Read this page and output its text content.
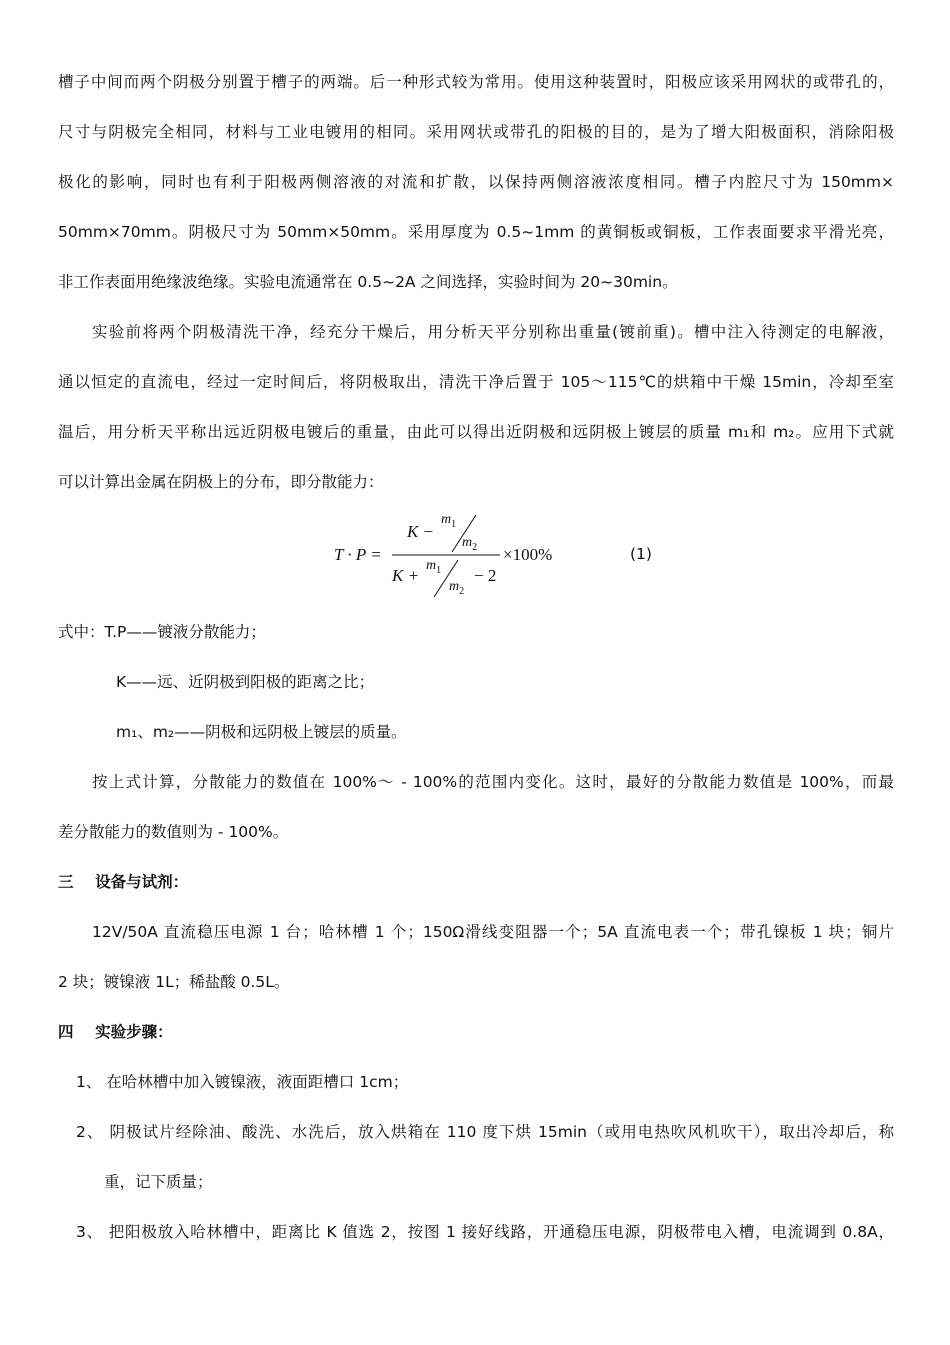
槽子中间而两个阴极分别置于槽子的两端。后一种形式较为常用。使用这种装置时，阳极应该采用网状的或带孔的，
尺寸与阴极完全相同，材料与工业电镀用的相同。采用网状或带孔的阳极的目的，是为了增大阳极面积，消除阳极
极化的影响，同时也有利于阳极两侧溶液的对流和扩散，以保持两侧溶液浓度相同。槽子内腔尺寸为 150mm×
50mm×70mm。阴极尺寸为 50mm×50mm。采用厚度为 0.5~1mm 的黄铜板或铜板，工作表面要求平滑光亮，
非工作表面用绝缘波绝缘。实验电流通常在 0.5~2A 之间选择，实验时间为 20~30min。
实验前将两个阴极清洗干净，经充分干燥后，用分析天平分别称出重量(镀前重)。槽中注入待测定的电解液，
通以恒定的直流电，经过一定时间后，将阴极取出，清洗干净后置于 105～115℃的烘箱中干燥 15min，冷却至室
温后，用分析天平称出远近阴极电镀后的重量，由此可以得出近阴极和远阴极上镀层的质量 m₁和 m₂。应用下式就
可以计算出金属在阴极上的分布，即分散能力：
T · P =
K −
$m_1$
$m_2$
K +
$m_1$
$m_2$
− 2
×100%	(1)
式中：T.P——镀液分散能力；
K——远、近阴极到阳极的距离之比；
m₁、m₂——阴极和远阴极上镀层的质量。
按上式计算，分散能力的数值在 100%～ - 100%的范围内变化。这时，最好的分散能力数值是 100%，而最
差分散能力的数值则为 - 100%。
三    设备与试剂：
12V/50A 直流稳压电源 1 台；哈林槽 1 个；150Ω滑线变阻器一个；5A 直流电表一个；带孔镍板 1 块；铜片
2 块；镀镍液 1L；稀盐酸 0.5L。
四    实验步骤：
1、 在哈林槽中加入镀镍液，液面距槽口 1cm；
2、 阴极试片经除油、酸洗、水洗后，放入烘箱在 110 度下烘 15min（或用电热吹风机吹干），取出冷却后，称
重，记下质量；
3、 把阳极放入哈林槽中，距离比 K 值选 2，按图 1 接好线路，开通稳压电源，阴极带电入槽，电流调到 0.8A，
